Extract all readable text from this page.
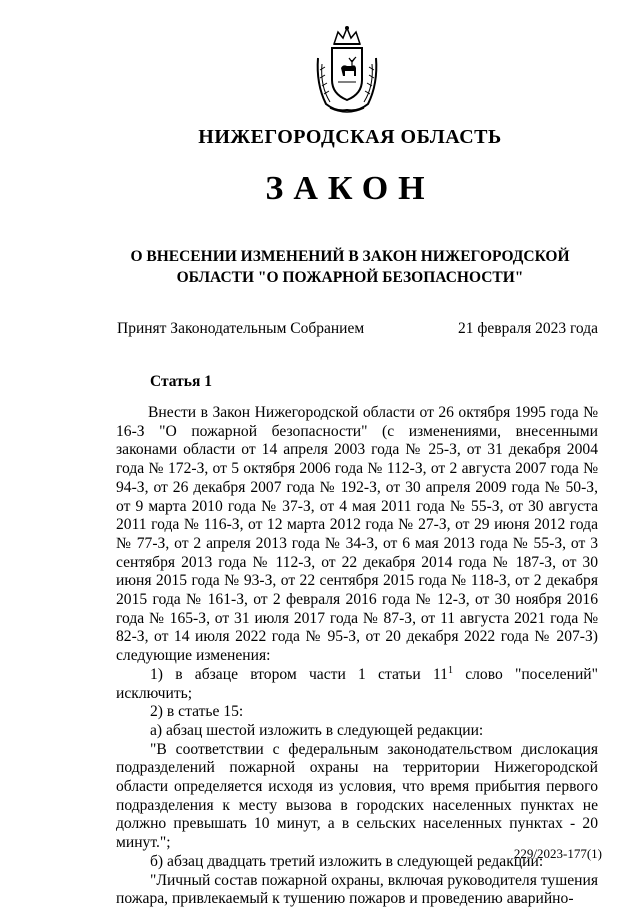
НИЖЕГОРОДСКАЯ ОБЛАСТЬ
ЗАКОН
О ВНЕСЕНИИ ИЗМЕНЕНИЙ В ЗАКОН НИЖЕГОРОДСКОЙ
ОБЛАСТИ "О ПОЖАРНОЙ БЕЗОПАСНОСТИ"
Принят Законодательным Собранием	21 февраля 2023 года
Статья 1

Внести в Закон Нижегородской области от 26 октября 1995 года № 16-З "О пожарной безопасности" (с изменениями, внесенными законами области от 14 апреля 2003 года № 25-З, от 31 декабря 2004 года № 172-З, от 5 октября 2006 года № 112-З, от 2 августа 2007 года № 94-З, от 26 декабря 2007 года № 192-З, от 30 апреля 2009 года № 50-З, от 9 марта 2010 года № 37-З, от 4 мая 2011 года № 55-З, от 30 августа 2011 года № 116-З, от 12 марта 2012 года № 27-З, от 29 июня 2012 года № 77-З, от 2 апреля 2013 года № 34-З, от 6 мая 2013 года № 55-З, от 3 сентября 2013 года № 112-З, от 22 декабря 2014 года № 187-З, от 30 июня 2015 года № 93-З, от 22 сентября 2015 года № 118-З, от 2 декабря 2015 года № 161-З, от 2 февраля 2016 года № 12-З, от 30 ноября 2016 года № 165-З, от 31 июля 2017 года № 87-З, от 11 августа 2021 года № 82-З, от 14 июля 2022 года № 95-З, от 20 декабря 2022 года № 207-З) следующие изменения:

1) в абзаце втором части 1 статьи $11^1$ слово "поселений" исключить;

2) в статье 15:

а) абзац шестой изложить в следующей редакции:

"В соответствии с федеральным законодательством дислокация подразделений пожарной охраны на территории Нижегородской области определяется исходя из условия, что время прибытия первого подразделения к месту вызова в городских населенных пунктах не должно превышать 10 минут, а в сельских населенных пунктах - 20 минут.";

б) абзац двадцать третий изложить в следующей редакции:

"Личный состав пожарной охраны, включая руководителя тушения пожара, привлекаемый к тушению пожаров и проведению аварийно-

229/2023-177(1)
